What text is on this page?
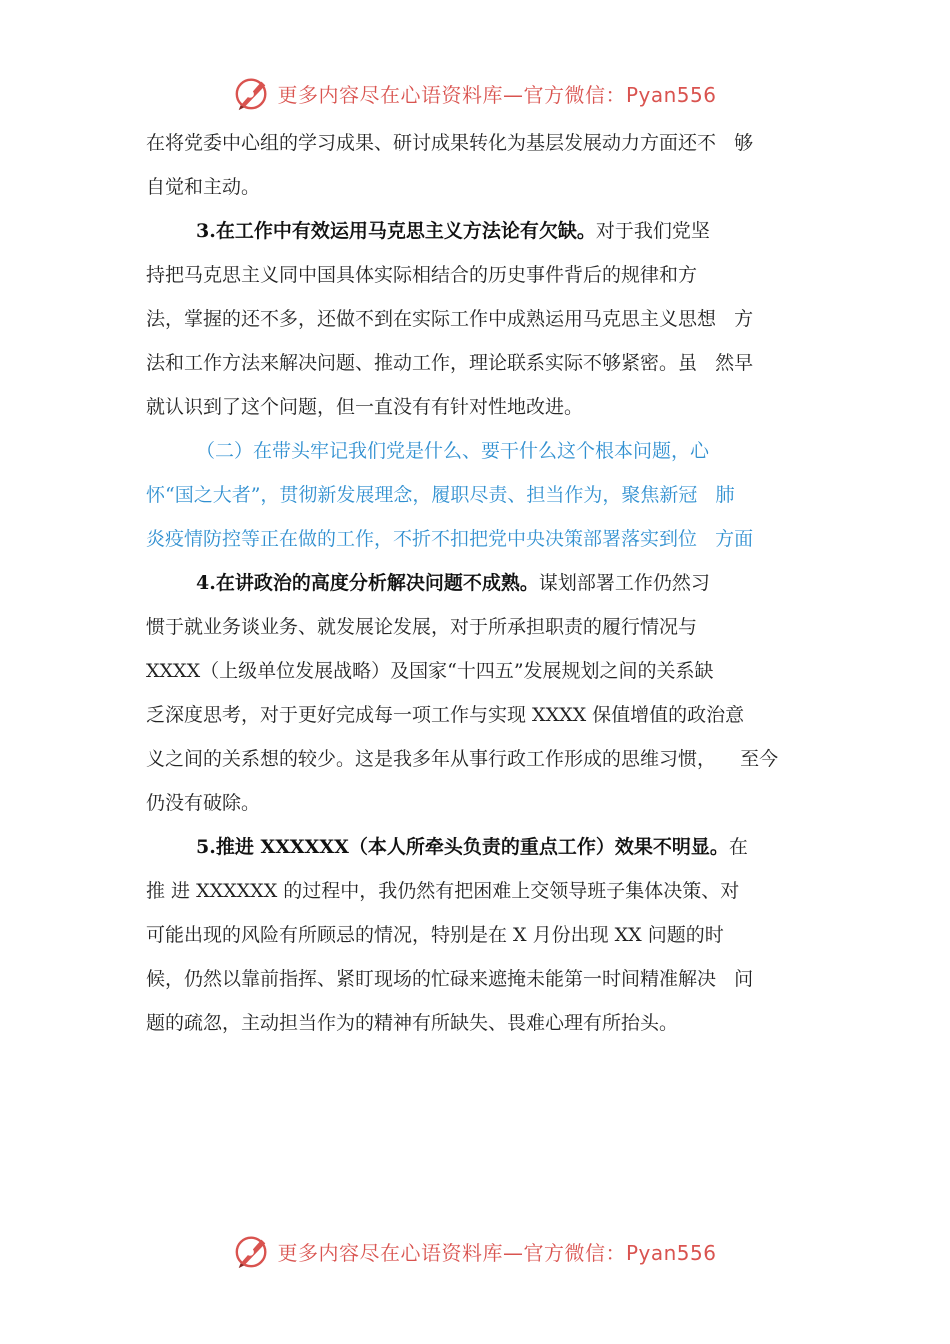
更多内容尽在心语资料库—官方微信：Pyan556
在将党委中心组的学习成果、研讨成果转化为基层发展动力方面还不   够
自觉和主动。
3.在工作中有效运用马克思主义方法论有欠缺。对于我们党坚
持把马克思主义同中国具体实际相结合的历史事件背后的规律和方
法，掌握的还不多，还做不到在实际工作中成熟运用马克思主义思想   方
法和工作方法来解决问题、推动工作，理论联系实际不够紧密。虽   然早
就认识到了这个问题，但一直没有有针对性地改进。
（二）在带头牢记我们党是什么、要干什么这个根本问题，心
怀“国之大者”，贯彻新发展理念，履职尽责、担当作为，聚焦新冠   肺
炎疫情防控等正在做的工作，不折不扣把党中央决策部署落实到位   方面
4.在讲政治的高度分析解决问题不成熟。谋划部署工作仍然习
惯于就业务谈业务、就发展论发展，对于所承担职责的履行情况与
XXXX（上级单位发展战略）及国家“十四五”发展规划之间的关系缺
乏深度思考，对于更好完成每一项工作与实现 XXXX 保值增值的政治意
义之间的关系想的较少。这是我多年从事行政工作形成的思维习惯，    至今
仍没有破除。
5.推进 XXXXXX（本人所牵头负责的重点工作）效果不明显。在
推 进 XXXXXX 的过程中，我仍然有把困难上交领导班子集体决策、对
可能出现的风险有所顾忌的情况，特别是在 X 月份出现 XX 问题的时
候，仍然以靠前指挥、紧盯现场的忙碌来遮掩未能第一时间精准解决   问
题的疏忽，主动担当作为的精神有所缺失、畏难心理有所抬头。
更多内容尽在心语资料库—官方微信：Pyan556
